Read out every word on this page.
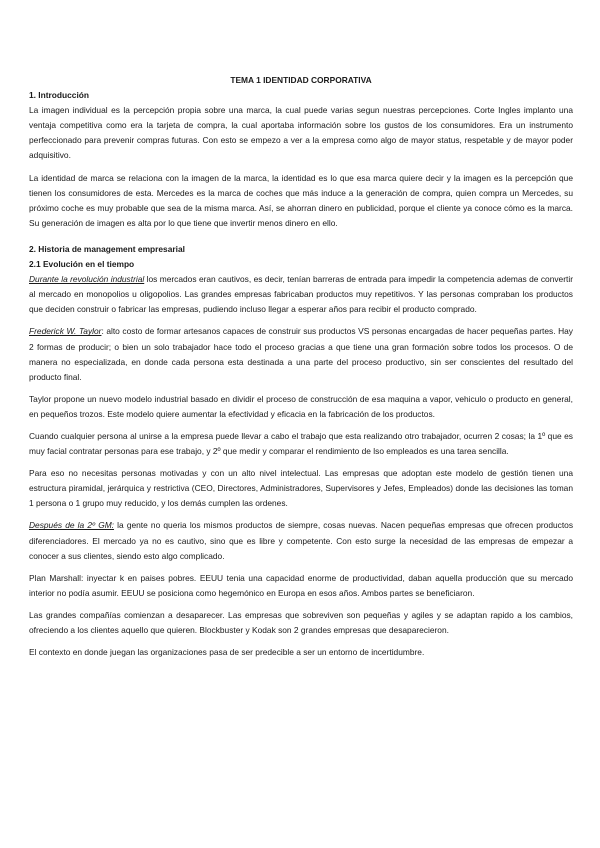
TEMA 1 IDENTIDAD CORPORATIVA

1. Introducción

La imagen individual es la percepción propia sobre una marca, la cual puede varias segun nuestras percepciones. Corte Ingles implanto una ventaja competitiva como era la tarjeta de compra, la cual aportaba información sobre los gustos de los consumidores. Era un instrumento perfeccionado para prevenir compras futuras. Con esto se empezo a ver a la empresa como algo de mayor status, respetable y de mayor poder adquisitivo.

La identidad de marca se relaciona con la imagen de la marca, la identidad es lo que esa marca quiere decir y la imagen es la percepción que tienen los consumidores de esta. Mercedes es la marca de coches que más induce a la generación de compra, quien compra un Mercedes, su próximo coche es muy probable que sea de la misma marca. Así, se ahorran dinero en publicidad, porque el cliente ya conoce cómo es la marca. Su generación de imagen es alta por lo que tiene que invertir menos dinero en ello.

2. Historia de management empresarial

2.1 Evolución en el tiempo

Durante la revolución industrial los mercados eran cautivos, es decir, tenían barreras de entrada para impedir la competencia ademas de convertir al mercado en monopolios u oligopolios. Las grandes empresas fabricaban productos muy repetitivos. Y las personas compraban los productos que deciden construir o fabricar las empresas, pudiendo incluso llegar a esperar años para recibir el producto comprado.

Frederick W. Taylor: alto costo de formar artesanos capaces de construir sus productos VS personas encargadas de hacer pequeñas partes. Hay 2 formas de producir; o bien un solo trabajador hace todo el proceso gracias a que tiene una gran formación sobre todos los procesos. O de manera no especializada, en donde cada persona esta destinada a una parte del proceso productivo, sin ser conscientes del resultado del producto final.

Taylor propone un nuevo modelo industrial basado en dividir el proceso de construcción de esa maquina a vapor, vehiculo o producto en general, en pequeños trozos. Este modelo quiere aumentar la efectividad y eficacia en la fabricación de los productos.

Cuando cualquier persona al unirse a la empresa puede llevar a cabo el trabajo que esta realizando otro trabajador, ocurren 2 cosas; la 1º que es muy facial contratar personas para ese trabajo, y 2º que medir y comparar el rendimiento de lso empleados es una tarea sencilla.

Para eso no necesitas personas motivadas y con un alto nivel intelectual. Las empresas que adoptan este modelo de gestión tienen una estructura piramidal, jerárquica y restrictiva (CEO, Directores, Administradores, Supervisores y Jefes, Empleados) donde las decisiones las toman 1 persona o 1 grupo muy reducido, y los demás cumplen las ordenes.

Después de la 2º GM: la gente no queria los mismos productos de siempre, cosas nuevas. Nacen pequeñas empresas que ofrecen productos diferenciadores. El mercado ya no es cautivo, sino que es libre y competente. Con esto surge la necesidad de las empresas de empezar a conocer a sus clientes, siendo esto algo complicado.

Plan Marshall: inyectar k en paises pobres. EEUU tenia una capacidad enorme de productividad, daban aquella producción que su mercado interior no podía asumir. EEUU se posiciona como hegemónico en Europa en esos años. Ambos partes se beneficiaron.

Las grandes compañías comienzan a desaparecer. Las empresas que sobreviven son pequeñas y agiles y se adaptan rapido a los cambios, ofreciendo a los clientes aquello que quieren. Blockbuster y Kodak son 2 grandes empresas que desaparecieron.

El contexto en donde juegan las organizaciones pasa de ser predecible a ser un entorno de incertidumbre.
